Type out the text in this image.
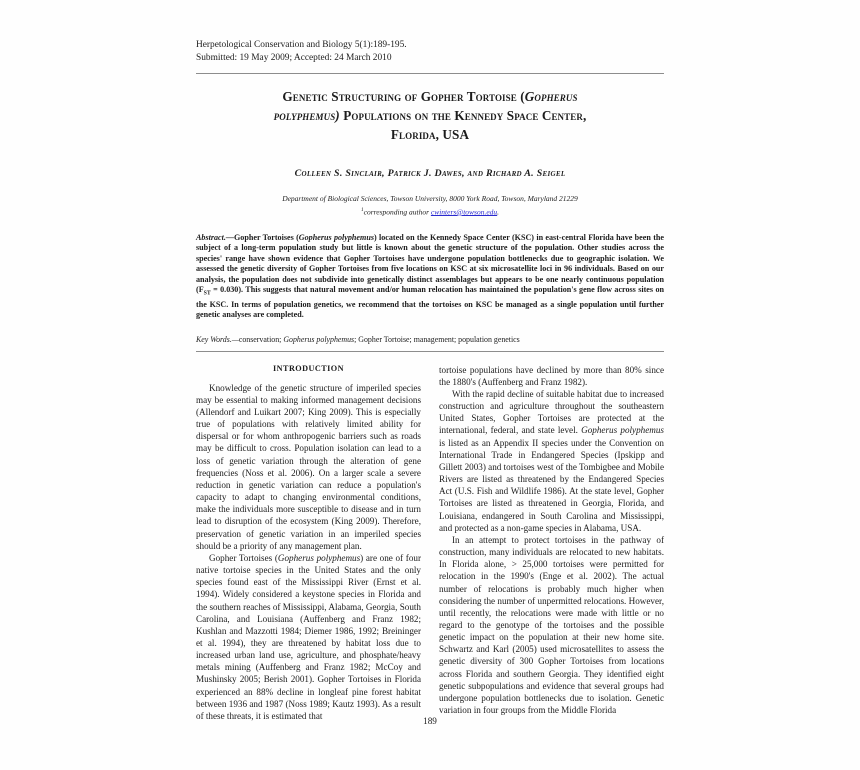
Herpetological Conservation and Biology 5(1):189-195.
Submitted: 19 May 2009; Accepted: 24 March 2010
Genetic Structuring of Gopher Tortoise (Gopherus
polyphemus) Populations on the Kennedy Space Center,
Florida, USA
Colleen S. Sinclair, Patrick J. Dawes, and Richard A. Seigel
Department of Biological Sciences, Towson University, 8000 York Road, Towson, Maryland 21229
$^1$corresponding author cwinters@towson.edu.
Abstract.—Gopher Tortoises (Gopherus polyphemus) located on the Kennedy Space Center (KSC) in east-central Florida have been the subject of a long-term population study but little is known about the genetic structure of the population. Other studies across the species' range have shown evidence that Gopher Tortoises have undergone population bottlenecks due to geographic isolation. We assessed the genetic diversity of Gopher Tortoises from five locations on KSC at six microsatellite loci in 96 individuals. Based on our analysis, the population does not subdivide into genetically distinct assemblages but appears to be one nearly continuous population $(F_{ST} = 0.030)$. This suggests that natural movement and/or human relocation has maintained the population's gene flow across sites on the KSC. In terms of population genetics, we recommend that the tortoises on KSC be managed as a single population until further genetic analyses are completed.
Key Words.—conservation; Gopherus polyphemus; Gopher Tortoise; management; population genetics
INTRODUCTION

Knowledge of the genetic structure of imperiled species may be essential to making informed management decisions (Allendorf and Luikart 2007; King 2009). This is especially true of populations with relatively limited ability for dispersal or for whom anthropogenic barriers such as roads may be difficult to cross. Population isolation can lead to a loss of genetic variation through the alteration of gene frequencies (Noss et al. 2006). On a larger scale a severe reduction in genetic variation can reduce a population's capacity to adapt to changing environmental conditions, make the individuals more susceptible to disease and in turn lead to disruption of the ecosystem (King 2009). Therefore, preservation of genetic variation in an imperiled species should be a priority of any management plan.

Gopher Tortoises (Gopherus polyphemus) are one of four native tortoise species in the United States and the only species found east of the Mississippi River (Ernst et al. 1994). Widely considered a keystone species in Florida and the southern reaches of Mississippi, Alabama, Georgia, South Carolina, and Louisiana (Auffenberg and Franz 1982; Kushlan and Mazzotti 1984; Diemer 1986, 1992; Breininger et al. 1994), they are threatened by habitat loss due to increased urban land use, agriculture, and phosphate/heavy metals mining (Auffenberg and Franz 1982; McCoy and Mushinsky 2005; Berish 2001). Gopher Tortoises in Florida experienced an 88% decline in longleaf pine forest habitat between 1936 and 1987 (Noss 1989; Kautz 1993). As a result of these threats, it is estimated that

tortoise populations have declined by more than 80% since the 1880's (Auffenberg and Franz 1982).

With the rapid decline of suitable habitat due to increased construction and agriculture throughout the southeastern United States, Gopher Tortoises are protected at the international, federal, and state level. Gopherus polyphemus is listed as an Appendix II species under the Convention on International Trade in Endangered Species (Ipskipp and Gillett 2003) and tortoises west of the Tombigbee and Mobile Rivers are listed as threatened by the Endangered Species Act (U.S. Fish and Wildlife 1986). At the state level, Gopher Tortoises are listed as threatened in Georgia, Florida, and Louisiana, endangered in South Carolina and Mississippi, and protected as a non-game species in Alabama, USA.

In an attempt to protect tortoises in the pathway of construction, many individuals are relocated to new habitats. In Florida alone, > 25,000 tortoises were permitted for relocation in the 1990's (Enge et al. 2002). The actual number of relocations is probably much higher when considering the number of unpermitted relocations. However, until recently, the relocations were made with little or no regard to the genotype of the tortoises and the possible genetic impact on the population at their new home site. Schwartz and Karl (2005) used microsatellites to assess the genetic diversity of 300 Gopher Tortoises from locations across Florida and southern Georgia. They identified eight genetic subpopulations and evidence that several groups had undergone population bottlenecks due to isolation. Genetic variation in four groups from the Middle Florida

189
